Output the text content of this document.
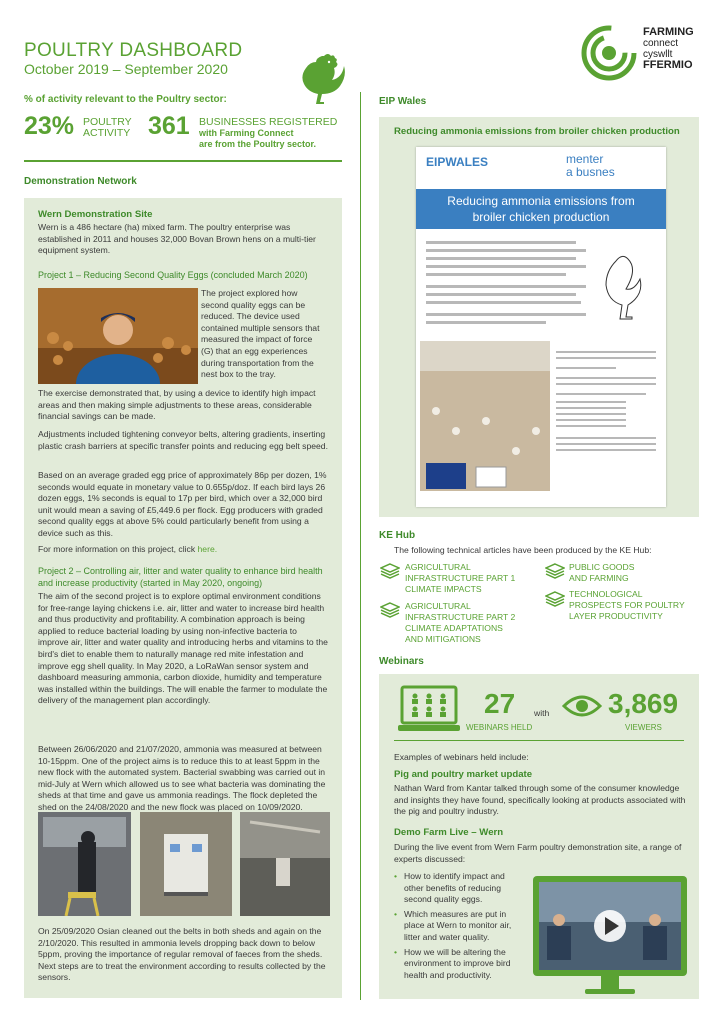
POULTRY DASHBOARD
October 2019 – September 2020
FARMING
connect
cyswllt
FFERMIO
% of activity relevant to the Poultry sector:
23% POULTRY
ACTIVITY 361 BUSINESSES REGISTERED
with Farming Connect
are from the Poultry sector.
Demonstration Network
Wern Demonstration Site
Wern is a 486 hectare (ha) mixed farm. The poultry enterprise was established in 2011 and houses 32,000 Bovan Brown hens on a multi-tier equipment system.
Project 1 – Reducing Second Quality Eggs (concluded March 2020)
The project explored how second quality eggs can be reduced. The device used contained multiple sensors that measured the impact of force (G) that an egg experiences during transportation from the nest box to the tray.
The exercise demonstrated that, by using a device to identify high impact areas and then making simple adjustments to these areas, considerable financial savings can be made.
Adjustments included tightening conveyor belts, altering gradients, inserting plastic crash barriers at specific transfer points and reducing egg belt speed.
Based on an average graded egg price of approximately 86p per dozen, 1% seconds would equate in monetary value to 0.655p/doz. If each bird lays 26 dozen eggs, 1% seconds is equal to 17p per bird, which over a 32,000 bird unit would mean a saving of £5,449.6 per flock. Egg producers with graded second quality eggs at above 5% could particularly benefit from using a device such as this.
For more information on this project, click here.
Project 2 – Controlling air, litter and water quality to enhance bird health and increase productivity (started in May 2020, ongoing)
The aim of the second project is to explore optimal environment conditions for free-range laying chickens i.e. air, litter and water to increase bird health and thus productivity and profitability. A combination approach is being applied to reduce bacterial loading by using non-infective bacteria to improve air, litter and water quality and introducing herbs and vitamins to the bird's diet to enable them to naturally manage red mite infestation and improve egg shell quality. In May 2020, a LoRaWan sensor system and dashboard measuring ammonia, carbon dioxide, humidity and temperature was installed within the buildings. The will enable the farmer to modulate the delivery of the management plan accordingly.
Between 26/06/2020 and 21/07/2020, ammonia was measured at between 10-15ppm. One of the project aims is to reduce this to at least 5ppm in the new flock with the automated system. Bacterial swabbing was carried out in mid-July at Wern which allowed us to see what bacteria was dominating the sheds at that time and gave us ammonia readings. The flock depleted the shed on the 24/08/2020 and the new flock was placed on 10/09/2020.
On 25/09/2020 Osian cleaned out the belts in both sheds and again on the 2/10/2020. This resulted in ammonia levels dropping back down to below 5ppm, proving the importance of regular removal of faeces from the sheds. Next steps are to treat the environment according to results collected by the sensors.
EIP Wales
Reducing ammonia emissions from broiler chicken production
EIPWALES	menter
a busnes
Reducing ammonia emissions from
broiler chicken production
KE Hub
The following technical articles have been produced by the KE Hub:
AGRICULTURAL
INFRASTRUCTURE PART 1
CLIMATE IMPACTS
AGRICULTURAL
INFRASTRUCTURE PART 2
CLIMATE ADAPTATIONS
AND MITIGATIONS
PUBLIC GOODS
AND FARMING
TECHNOLOGICAL
PROSPECTS FOR POULTRY
LAYER PRODUCTIVITY
Webinars
27
WEBINARS HELD
with 3,869
VIEWERS
Examples of webinars held include:
Pig and poultry market update
Nathan Ward from Kantar talked through some of the consumer knowledge and insights they have found, specifically looking at products associated with the pig and poultry industry.
Demo Farm Live – Wern
During the live event from Wern Farm poultry demonstration site, a range of experts discussed:
• How to identify impact and other benefits of reducing second quality eggs.
• Which measures are put in place at Wern to monitor air, litter and water quality.
• How we will be altering the environment to improve bird health and productivity.
